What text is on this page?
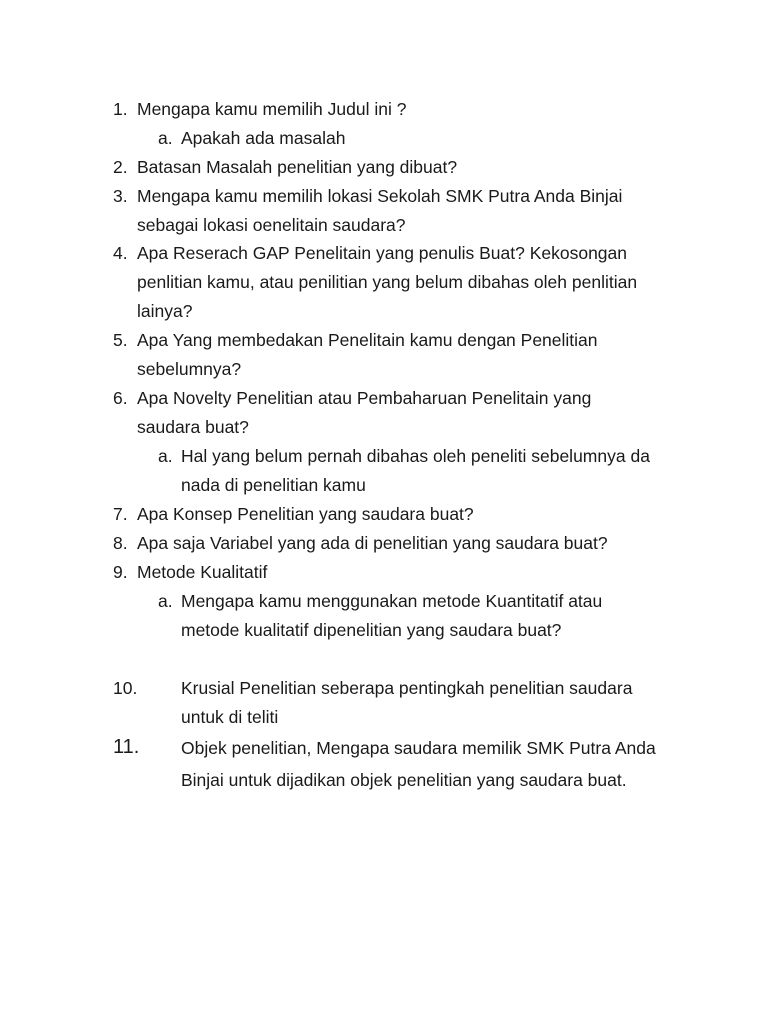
1. Mengapa kamu memilih Judul ini ?
a. Apakah ada masalah
2. Batasan Masalah penelitian yang dibuat?
3. Mengapa kamu memilih lokasi Sekolah SMK Putra Anda Binjai
sebagai lokasi oenelitain saudara?
4. Apa Reserach GAP Penelitain yang penulis Buat? Kekosongan
penlitian kamu, atau penilitian yang belum dibahas oleh penlitian
lainya?
5. Apa Yang membedakan Penelitain kamu dengan Penelitian
sebelumnya?
6. Apa Novelty Penelitian atau Pembaharuan Penelitain yang
saudara buat?
a. Hal yang belum pernah dibahas oleh peneliti sebelumnya da
nada di penelitian kamu
7. Apa Konsep Penelitian yang saudara buat?
8. Apa saja Variabel yang ada di penelitian yang saudara buat?
9. Metode Kualitatif
a. Mengapa kamu menggunakan metode Kuantitatif atau
metode kualitatif dipenelitian yang saudara buat?
10. Krusial Penelitian seberapa pentingkah penelitian saudara
untuk di teliti
11. Objek penelitian, Mengapa saudara memilik SMK Putra Anda
Binjai untuk dijadikan objek penelitian yang saudara buat.
